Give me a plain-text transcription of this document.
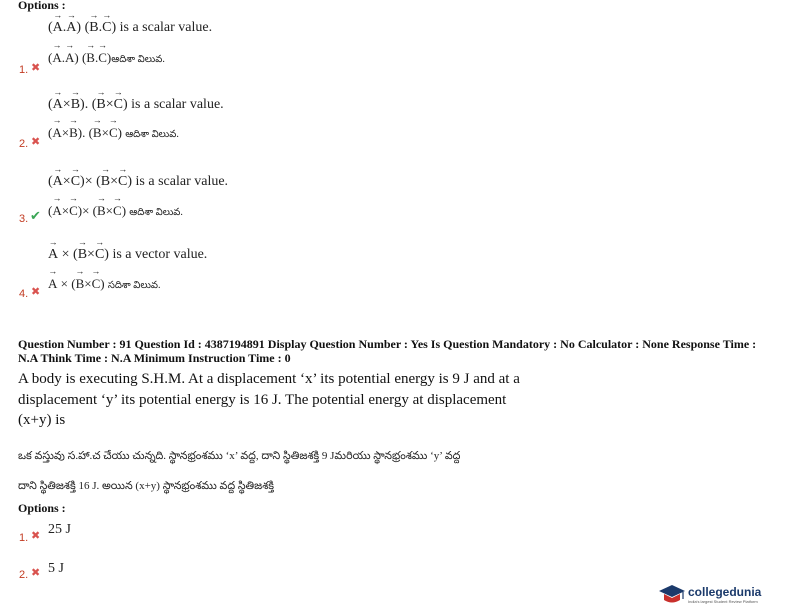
Options :
(→ A.→ A) (→ B.→ C) is a scalar value.
(→ A.→ A) (→ B.→ C)ఆదిశా విలువ.
1. ✖
(→ A×→ B). (→ B×→ C) is a scalar value.
(→ A×→ B). (→ B×→ C) ఆదిశా విలువ.
2. ✖
(→ A×→ C)× (→ B×→ C) is a scalar value.
(→ A×→ C)× (→ B×→ C) ఆదిశా విలువ.
3. ✔
→ A × (→ B×→ C) is a vector value.
→ A × (→ B×→ C) సదిశా విలువ.
4. ✖
Question Number : 91 Question Id : 4387194891 Display Question Number : Yes Is Question Mandatory : No Calculator : None Response Time :
N.A Think Time : N.A Minimum Instruction Time : 0
A body is executing S.H.M. At a displacement ‘x’ its potential energy is 9 J and at a
displacement ‘y’ its potential energy is 16 J. The potential energy at displacement
(x+y) is
ఒక వస్తువు స.హా.చ చేయు చున్నది. స్థానభ్రంశము ‘x’ వద్ద, దాని స్థితిజశక్తి 9 Jమరియు స్థానభ్రంశము ‘y’ వద్ద
దాని స్థితిజశక్తి 16 J. అయిన (x+y) స్థానభ్రంశము వద్ద స్థితిజశక్తి
Options :
1. ✖ 25 J
2. ✖ 5 J
collegedunia
India's largest Student Review Platform
